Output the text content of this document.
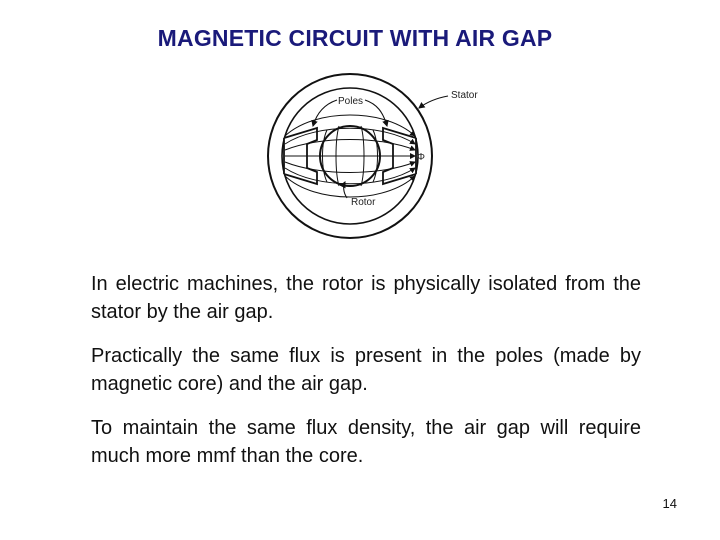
MAGNETIC CIRCUIT WITH AIR GAP
Poles
Stator
Rotor
Φ
In electric machines, the rotor is physically isolated from the stator by the air gap.
Practically the same flux is present in the poles (made by magnetic core) and the air gap.
To maintain the same flux density, the air gap will require much more mmf than the core.
14
